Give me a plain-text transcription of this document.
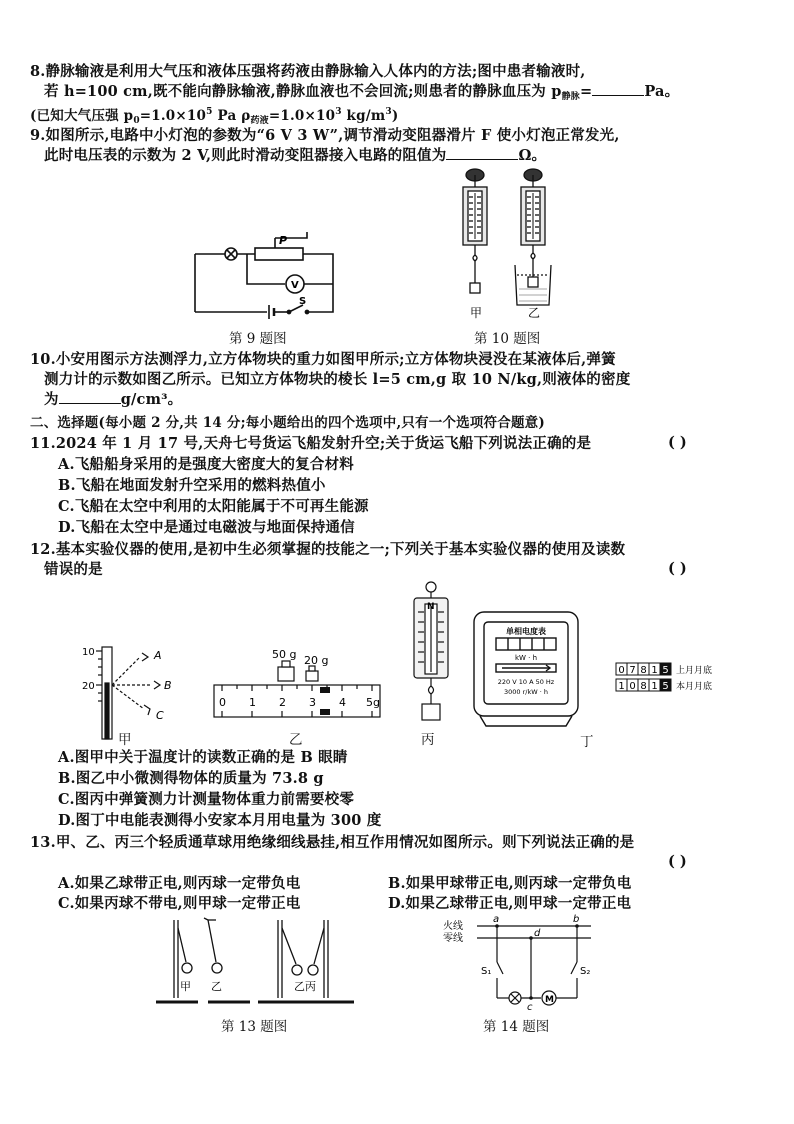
8.静脉输液是利用大气压和液体压强将药液由静脉输入人体内的方法;图中患者输液时,
若 h=100 cm,既不能向静脉输液,静脉血液也不会回流;则患者的静脉血压为 $p_{静脉}=$	Pa。
(已知大气压强 $p_0=1.0\times 10^5$ Pa $\rho_{药液}=1.0\times 10^3$ $kg/m^3$)
9.如图所示,电路中小灯泡的参数为“6 V 3 W”,调节滑动变阻器滑片 F 使小灯泡正常发光,
此时电压表的示数为 2 V,则此时滑动变阻器接入电路的阻值为	Ω。
P
V
S
第 9 题图
甲	乙
第 10 题图
10.小安用图示方法测浮力,立方体物块的重力如图甲所示;立方体物块浸没在某液体后,弹簧
测力计的示数如图乙所示。已知立方体物块的棱长 l=5 cm,g 取 10 N/kg,则液体的密度
为	g/cm³。
二、选择题(每小题 2 分,共 14 分;每小题给出的四个选项中,只有一个选项符合题意)
11.2024 年 1 月 17 号,天舟七号货运飞船发射升空;关于货运飞船下列说法正确的是	( )
A.飞船船身采用的是强度大密度大的复合材料
B.飞船在地面发射升空采用的燃料热值小
C.飞船在太空中利用的太阳能属于不可再生能源
D.飞船在太空中是通过电磁波与地面保持通信
12.基本实验仪器的使用,是初中生必须掌握的技能之一;下列关于基本实验仪器的使用及读数
错误的是	( )
10
20
A
B
C
甲
50 g 20 g
0 1 2 3 4 5g
乙
N
丙
单相电度表
kW · h
220 V 10 A 50 Hz
3000 r/kW · h
0 7 8 1 5
1 0 8 1 5
上月月底
本月月底
丁
A.图甲中关于温度计的读数正确的是 B 眼睛
B.图乙中小微测得物体的质量为 73.8 g
C.图丙中弹簧测力计测量物体重力前需要校零
D.图丁中电能表测得小安家本月用电量为 300 度
13.甲、乙、丙三个轻质通草球用绝缘细线悬挂,相互作用情况如图所示。则下列说法正确的是
( )
A.如果乙球带正电,则丙球一定带负电	B.如果甲球带正电,则丙球一定带负电
C.如果丙球不带电,则甲球一定带正电	D.如果乙球带正电,则甲球一定带正电
甲 乙	乙丙
第 13 题图
火线
零线
a	b
c
d
S₁	S₂
M
第 14 题图
